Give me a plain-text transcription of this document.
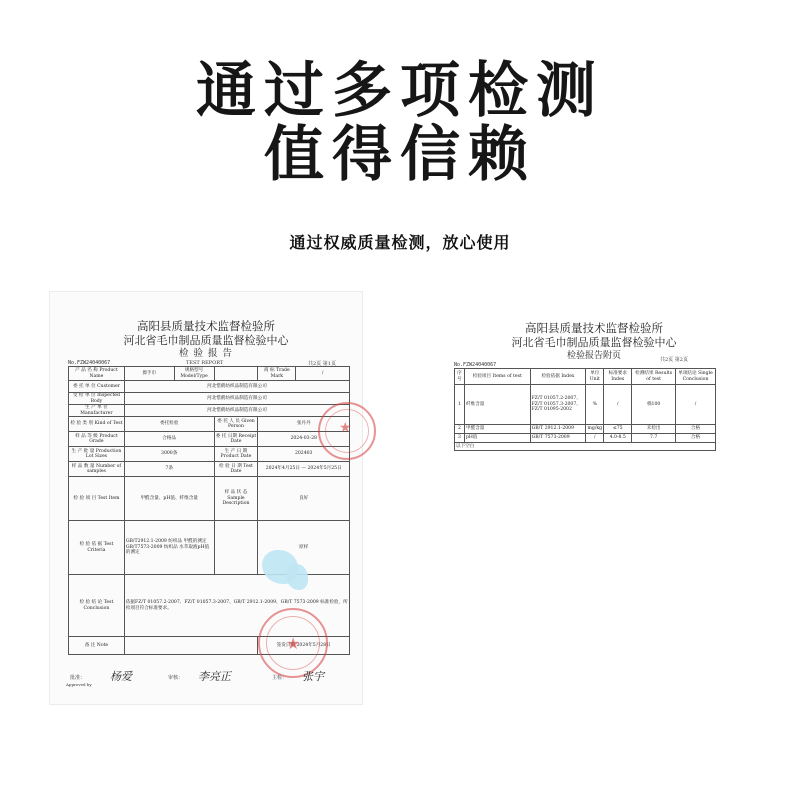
通过多项检测
值得信赖
通过权威质量检测，放心使用
高阳县质量技术监督检验所
河北省毛巾制品质量监督检验中心
检 验 报 告
No.FZW24040067	TEST REPORT	共2页 第1页
产 品 名 称 Product Name	擦手巾	规格型号 Model/Type		商 标 Trade Mark	/
委 托 单 位 Customer	河北惜鹤纺织品制造有限公司				
受 检 单 位 Inspected Body	河北惜鹤纺织品制造有限公司				
生 产 单 位 Manufacturer	河北惜鹤纺织品制造有限公司				
检 验 类 别 Kind of Test	委托检验		委 托 人 员 Given Person	张丹丹	
样 品 等 级 Product Grade	合格品		委 托 日期 Receipt Date	2024-03-28	
生 产 批 量 Production Lot Sizes	3000条		生 产 日 期 Product Date	202403	
样 品 数 量 Number of samples	7条		检 验 日 期 Test Date	2024年4月25日 — 2024年5月25日	
检 验 项 目 Test Item	甲醛含量、pH值、纤维含量		样 品 状 态 Sample Description	良好	
检 验 依 据 Test Criteria	GB/T2912.1-2009 纺织品 甲醛的测定 GB/T7573-2009 纺织品 水萃取液pH值的测定			原样	
检 验 结 论 Test Conclusion	依据FZ/T 01057.2-2007、FZ/T 01057.3-2007、GB/T 2912.1-2009、GB/T 7573-2009 标准检验，所检项目符合标准要求。				
备 注 Note				签发日期 2024年5月28日	
★
★
批准：
Approved by
杨爱	审核： 李亮正	主检： 张宇
高阳县质量技术监督检验所
河北省毛巾制品质量监督检验中心
检验报告附页
No.FZW24040067
共2页 第2页
序号	检验项目 Items of test	检验依据 Index	单位 Unit	标准要求 Index	检测结果 Results of test	单项结论 Single Conclusion
1	纤维含量	FZ/T 01057.2-2007、FZ/T 01057.3-2007、FZ/T 01095-2002	%	/	棉100	/
2	甲醛含量	GB/T 2912.1-2009	mg/kg	≤75	未检出	合格
3	pH值	GB/T 7573-2009	/	4.0-8.5	7.7	合格
以下空白						
